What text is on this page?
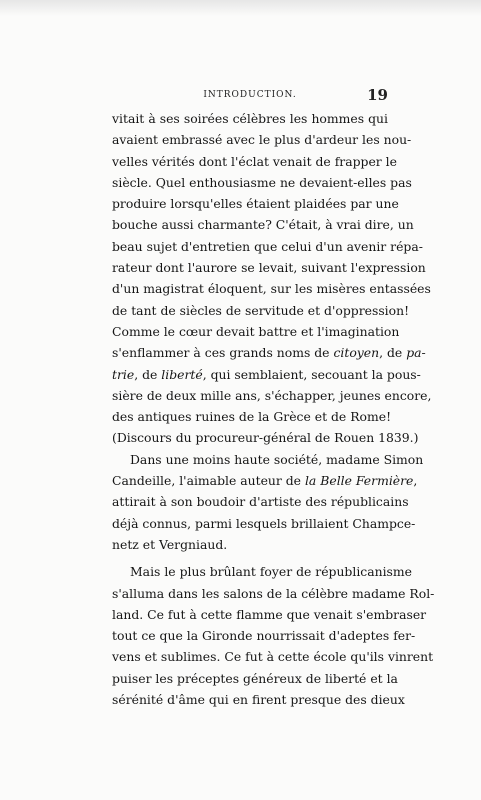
INTRODUCTION.	19
vitait à ses soirées célèbres les hommes qui
avaient embrassé avec le plus d'ardeur les nou-
velles vérités dont l'éclat venait de frapper le
siècle. Quel enthousiasme ne devaient-elles pas
produire lorsqu'elles étaient plaidées par une
bouche aussi charmante? C'était, à vrai dire, un
beau sujet d'entretien que celui d'un avenir répa-
rateur dont l'aurore se levait, suivant l'expression
d'un magistrat éloquent, sur les misères entassées
de tant de siècles de servitude et d'oppression!
Comme le cœur devait battre et l'imagination
s'enflammer à ces grands noms de citoyen, de pa-
trie, de liberté, qui semblaient, secouant la pous-
sière de deux mille ans, s'échapper, jeunes encore,
des antiques ruines de la Grèce et de Rome!
(Discours du procureur-général de Rouen 1839.)
Dans une moins haute société, madame Simon
Candeille, l'aimable auteur de la Belle Fermière,
attirait à son boudoir d'artiste des républicains
déjà connus, parmi lesquels brillaient Champce-
netz et Vergniaud.
Mais le plus brûlant foyer de républicanisme
s'alluma dans les salons de la célèbre madame Rol-
land. Ce fut à cette flamme que venait s'embraser
tout ce que la Gironde nourrissait d'adeptes fer-
vens et sublimes. Ce fut à cette école qu'ils vinrent
puiser les préceptes généreux de liberté et la
sérénité d'âme qui en firent presque des dieux
